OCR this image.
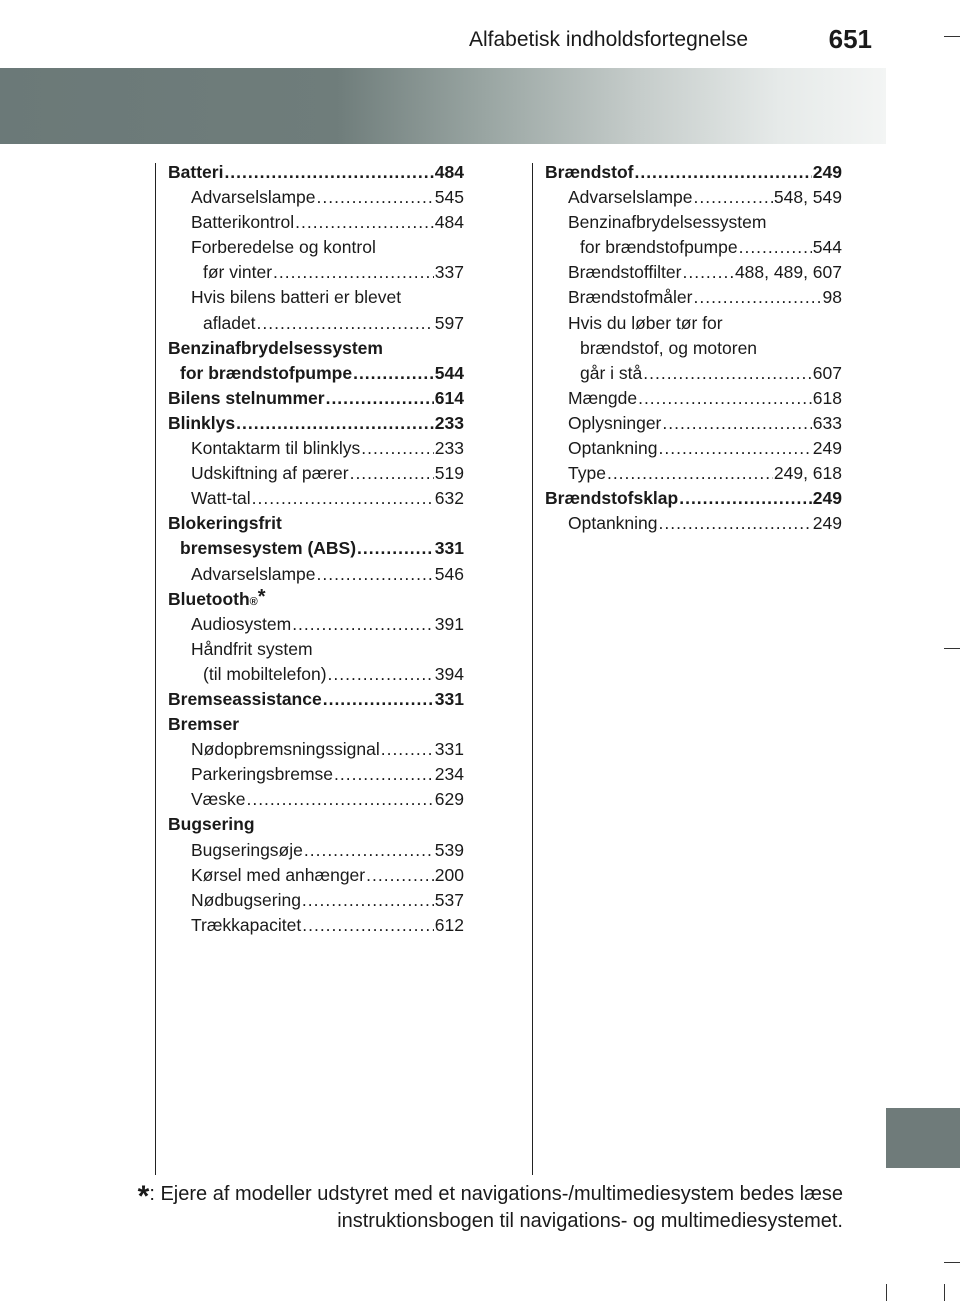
Alfabetisk indholdsfortegnelse	651
Batteri .....	484
Advarselslampe .....	545
Batterikontrol .....	484
Forberedelse og kontrol
før vinter .....	337
Hvis bilens batteri er blevet
afladet .....	597
Benzinafbrydelsessystem
for brændstofpumpe .....	544
Bilens stelnummer .....	614
Blinklys .....	233
Kontaktarm til blinklys .....	233
Udskiftning af pærer .....	519
Watt-tal .....	632
Blokeringsfrit
bremsesystem (ABS) .....	331
Advarselslampe .....	546
Bluetooth ® *
Audiosystem .....	391
Håndfrit system
(til mobiltelefon) .....	394
Bremseassistance .....	331
Bremser
Nødopbremsningssignal .....	331
Parkeringsbremse .....	234
Væske .....	629
Bugsering
Bugseringsøje .....	539
Kørsel med anhænger .....	200
Nødbugsering .....	537
Trækkapacitet .....	612
Brændstof .....	249
Advarselslampe .....	548, 549
Benzinafbrydelsessystem
for brændstofpumpe .....	544
Brændstoffilter .....	488, 489, 607
Brændstofmåler .....	98
Hvis du løber tør for
brændstof, og motoren
går i stå .....	607
Mængde .....	618
Oplysninger .....	633
Optankning .....	249
Type .....	249, 618
Brændstofsklap .....	249
Optankning .....	249
*: Ejere af modeller udstyret med et navigations-/multimediesystem bedes læse instruktionsbogen til navigations- og multimediesystemet.
